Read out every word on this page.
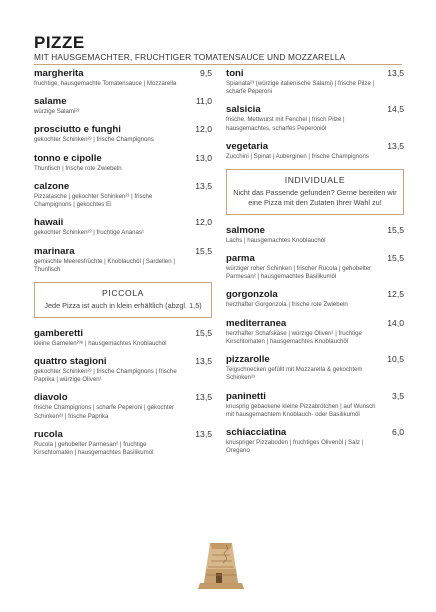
PIZZE
MIT HAUSGEMACHTER, FRUCHTIGER TOMATENSAUCE UND MOZZARELLA
margherita	9,5
fruchtige, hausgemachte Tomatensauce | Mozzarella
salame	11,0
würzige Salami²³
prosciutto e funghi	12,0
gekochter Schinken²³ | frische Champignons
tonno e cipolle	13,0
Thunfisch | frische rote Zwiebeln
calzone	13,5
Pizzatasche | gekochter Schinken²³ | frische Champignons | gekochtes Ei
hawaii	12,0
gekochter Schinken²³ | fruchtige Ananas¹
marinara	15,5
gemischte Meeresfrüchte | Knoblauchöl | Sardellen | Thunfisch
PICCOLA
Jede Pizza ist auch in klein erhältlich (abzgl. 1,5)
gamberetti	15,5
kleine Garnelen²³⁸ | hausgemachtes Knoblauchöl
quattro stagioni	13,5
gekochter Schinken²³ | frische Champignons | frische Paprika | würzige Oliven¹
diavolo	13,5
frische Champignons | scharfe Peperoni | gekochter Schinken²³ | frische Paprika
rucola	13,5
Rucola | gehobelter Parmesan² | fruchtige Kirschtomaten | hausgemachtes Basilikumöl
toni	13,5
Spianata²³ (würzige italienische Salami) | frische Pilze | scharfe Peperoni
salsicia	14,5
frische, Mettwurst mit Fenchel | frisch Pilze | hausgemachtes, scharfes Peperoniöl
vegetaria	13,5
Zucchini | Spinat | Auberginen | frische Champignons
INDIVIDUALE
Nicht das Passende gefunden? Gerne bereiten wir eine Pizza mit den Zutaten Ihrer Wahl zu!
salmone	15,5
Lachs | hausgemachtes Knoblauchöl
parma	15,5
würziger roher Schinken | frischer Rucola | gehobelter Parmesan² | hausgemachtes Basilikumöl
gorgonzola	12,5
herzhafter Gorgonzola | frische rote Zwiebeln
mediterranea	14,0
herzhafter Schafskäse | würzige Oliven¹ | fruchtige Kirschtomaten | hausgemachtes Knoblauchöl
pizzarolle	10,5
Teigschnecken gefüllt mit Mozzarella & gekochtem Schinken²³
paninetti	3,5
knusprig gebackene kleine Pizzabrötchen | auf Wunsch mit hausgemachtem Knoblauch- oder Basilikumöl
schiacciatina	6,0
knuspriger Pizzaboden | fruchtiges Olivenöl | Salz | Oregano
